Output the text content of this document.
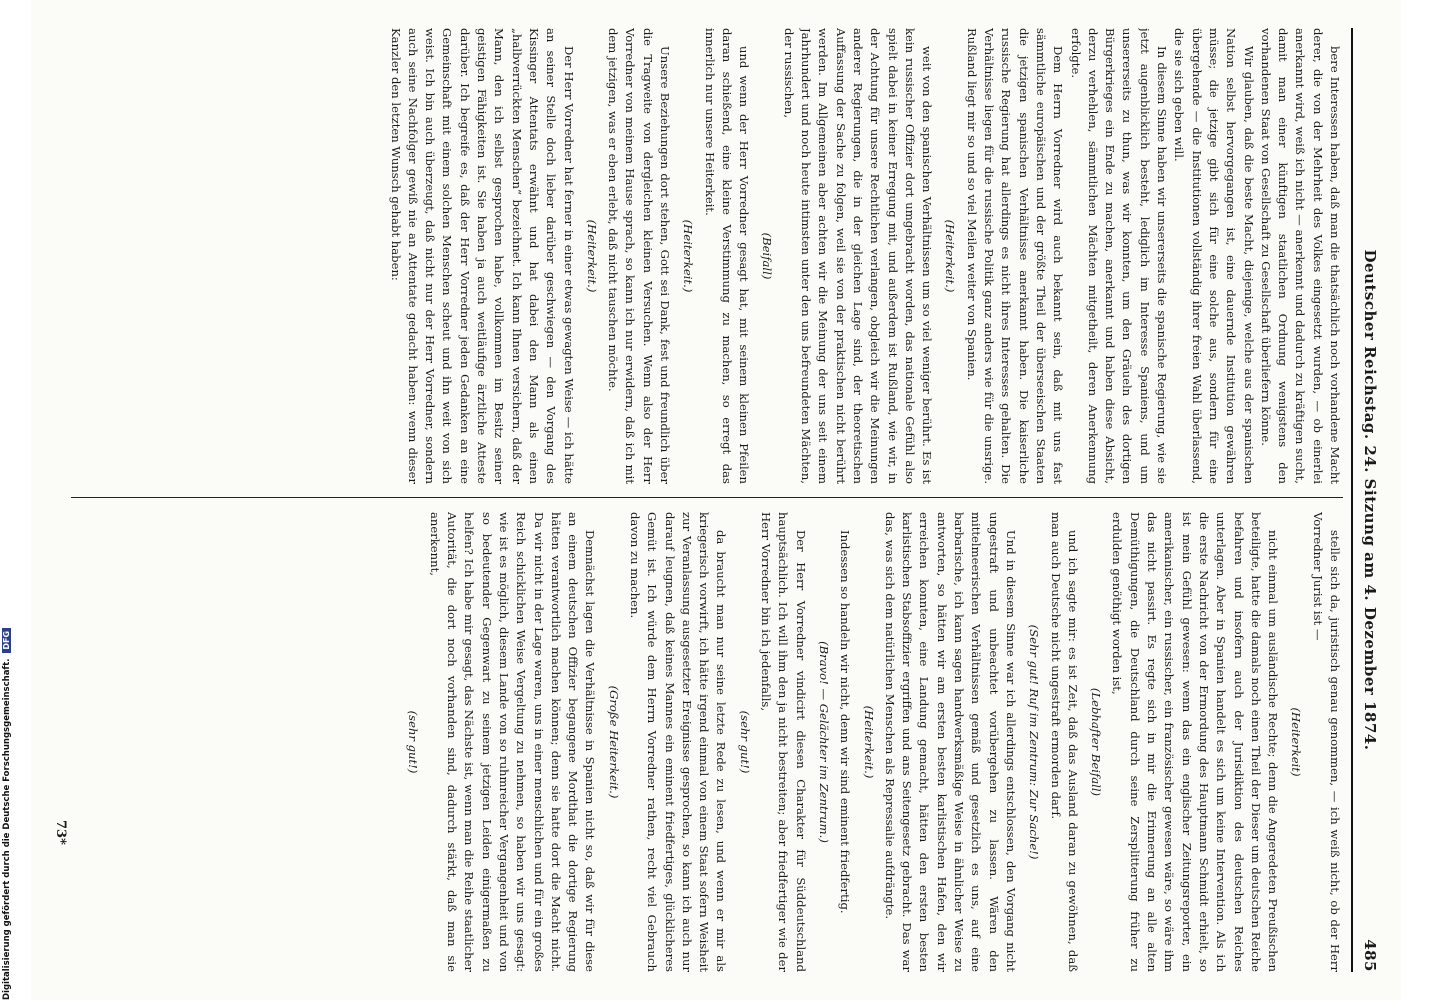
Deutscher Reichstag. 24. Sitzung am 4. Dezember 1874.
485

bere Interessen haben, daß man die thatsächlich noch vorhandene Macht derer, die von der Mehrheit des Volkes eingesetzt wurden, — ob einerlei anerkannt wird, weiß ich nicht — anerkennt und dadurch zu kräftigen sucht, damit man einer künftigen staatlichen Ordnung wenigstens den vorhandenen Staat von Gesellschaft zu Gesellschaft überliefern könne.

Wir glauben, daß die beste Macht, diejenige, welche aus der spanischen Nation selbst hervorgegangen ist, eine dauernde Institution gewähren müsse; die jetzige gibt sich für eine solche aus, sondern für eine übergehende — die Institutionen vollständig ihrer freien Wahl überlassend, die sie sich geben will.

In diesem Sinne haben wir unsererseits die spanische Regierung, wie sie jetzt augenblicklich besteht, lediglich im Interesse Spaniens, und um unsererseits zu thun, was wir konnten, um den Gräueln des dortigen Bürgerkrieges ein Ende zu machen, anerkannt und haben diese Absicht, derzu verhehlen, sämmtlichen Mächten mitgetheilt, deren Anerkennung erfolgte.

Dem Herrn Vorredner wird auch bekannt sein, daß mit uns fast sämmtliche europäischen und der größte Theil der überseeischen Staaten die jetzigen spanischen Verhältnisse anerkannt haben. Die kaiserliche russische Regierung hat allerdings es nicht ihres Interesses gehalten. Die Verhältnisse liegen für die russische Politik ganz anders wie für die unsrige. Rußland liegt mir so und so viel Meilen weiter von Spanien.

(Heiterkeit.)

weit von den spanischen Verhältnissen um so viel weniger berührt. Es ist kein russischer Offizier dort umgebracht worden, das nationale Gefühl also spielt dabei in keiner Erregung mit, und außerdem ist Rußland, wie wir, in der Achtung für unsere Rechtlichen verlangen, obgleich wir die Meinungen anderer Regierungen, die in der gleichen Lage sind, der theoretischen Auffassung der Sache zu folgen, weil sie von der praktischen nicht berührt werden. Im Allgemeinen aber achten wir die Meinung der uns seit einem Jahrhundert und noch heute intimsten unter den uns befreundeten Mächten, der russischen,

(Beifall)

und wenn der Herr Vorredner gesagt hat, mit seinem kleinen Pfeilen daran schießend, eine kleine Verstimmung zu machen, so erregt das innerlich nur unsere Heiterkeit.

(Heiterkeit.)

Unsere Beziehungen dort stehen, Gott sei Dank, fest und freundlich über die Tragweite von dergleichen kleinen Versuchen. Wenn also der Herr Vorredner von meinem Hause sprach, so kann ich nur erwidern, daß ich mit dem jetzigen, was er eben erlebt, daß nicht tauschen möchte.

(Heiterkeit.)

Der Herr Vorredner hat ferner in einer etwas gewagten Weise — ich hätte an seiner Stelle doch lieber darüber geschwiegen — den Vorgang des Kissinger Attentats erwähnt und hat dabei den Mann als einen „halbverrückten Menschen“ bezeichnet. Ich kann Ihnen versichern, daß der Mann, den ich selbst gesprochen habe, vollkommen im Besitz seiner geistigen Fähigkeiten ist. Sie haben ja auch weitläufige ärztliche Atteste darüber. Ich begreife es, daß der Herr Vorredner jeden Gedanken an eine Gemeinschaft mit einem solchen Menschen scheut und ihn weit von sich weist. Ich bin auch überzeugt, daß nicht nur der Herr Vorredner, sondern auch seine Nachfolger gewiß nie an Attentate gedacht haben: wenn dieser Kanzler den letzten Wunsch gehabt haben:

stelle sich da, juristisch genau genommen, — ich weiß nicht, ob der Herr Vorredner Jurist ist —

(Heiterkeit)

nicht einmal um ausländische Rechte; denn die Angeredeten Preußischen beteiligte, hatte die damals noch einen Theil der Dieser um deutschen Reiche befahren und insofern auch der Jurisdiktion des deutschen Reiches unterlagen. Aber in Spanien handelt es sich um keine Intervention. Als ich die erste Nachricht von der Ermordung des Hauptmann Schmidt erhielt, so ist mein Gefühl gewesen: wenn das ein englischer Zeitungsreporter, ein amerikanischer, ein russischer, ein französischer gewesen wäre, so wäre ihm das nicht passirt. Es regte sich in mir die Erinnerung an alle alten Demüthigungen, die Deutschland durch seine Zersplitterung früher zu erdulden genöthigt worden ist,

(Lebhafter Beifall)

und ich sagte mir: es ist Zeit, daß das Ausland daran zu gewöhnen, daß man auch Deutsche nicht ungestraft ermorden darf.

(Sehr gut! Ruf im Zentrum: Zur Sache!)

Und in diesem Sinne war ich allerdings entschlossen, den Vorgang nicht ungestraft und unbeachtet vorübergehen zu lassen. Wären den mittelmeerischen Verhältnissen gemäß und gesetzlich es uns, auf eine barbarische, ich kann sagen handwerksmäßige Weise in ähnlicher Weise zu antworten, so hätten wir am ersten besten karlistischen Hafen, den wir erreichen konnten, eine Landung gemacht, hätten den ersten besten karlistischen Stabsoffizier ergriffen und ans Seitengesetz gebracht. Das war das, was sich dem natürlichen Menschen als Repressalie aufdrängte.

(Heiterkeit.)

Indessen so handeln wir nicht, denn wir sind eminent friedfertig.

(Bravo! — Gelächter im Zentrum.)

Der Herr Vorredner vindicirt diesen Charakter für Süddeutschland hauptsächlich. Ich will ihm den ja nicht bestreiten; aber friedfertiger wie der Herr Vorredner bin ich jedenfalls,

(sehr gut!)

da braucht man nur seine letzte Rede zu lesen, und wenn er mir als kriegerisch vorwirft, ich hätte irgend einmal von einem Staat sofern Weisheit zur Veranlassung ausgesetzter Ereignisse gesprochen, so kann ich auch nur darauf leugnen, daß keines Mannes ein eminent friedfertiges, glücklicheres Gemüt ist. Ich würde dem Herrn Vorredner rathen, recht viel Gebrauch davon zu machen.

(Große Heiterkeit.)

Demnächst lagen die Verhältnisse in Spanien nicht so, daß wir für diese an einem deutschen Offizier begangene Mordthat die dortige Regierung hätten verantwortlich machen können; denn sie hatte dort die Macht nicht. Da wir nicht in der Lage waren, uns in einer menschlichen und für ein großes Reich schicklichen Weise Vergeltung zu nehmen, so haben wir uns gesagt: wie ist es möglich, diesem Lande von so ruhmreicher Vergangenheit und von so bedeutender Gegenwart zu seinem jetzigen Leiden einigermaßen zu helfen? Ich habe mir gesagt, das Nächste ist, wenn man die Reihe staatlicher Autorität, die dort noch vorhanden sind, dadurch stärkt, daß man sie anerkennt,

(sehr gut!)

73*
Digitalisierung gefördert durch die Deutsche Forschungsgemeinschaft.DFG
